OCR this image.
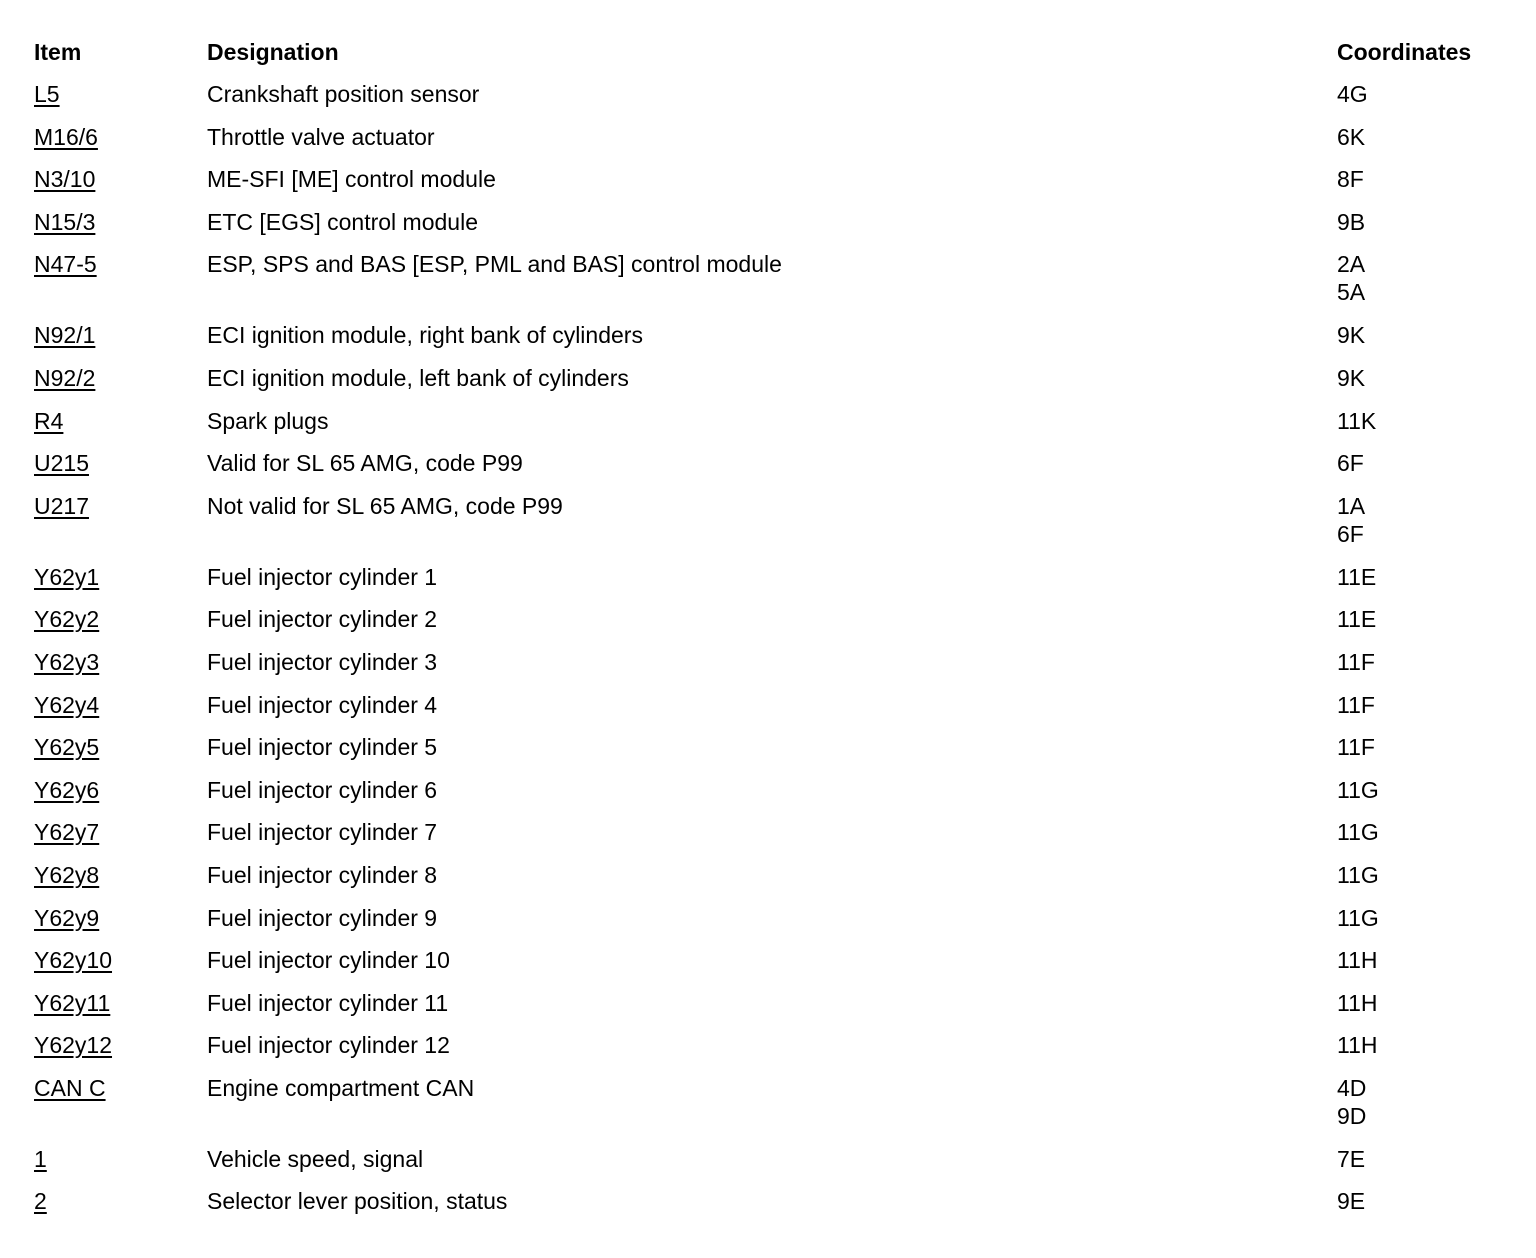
Item	Designation	Coordinates
L5	Crankshaft position sensor	4G
M16/6	Throttle valve actuator	6K
N3/10	ME-SFI [ME] control module	8F
N15/3	ETC [EGS] control module	9B
N47-5	ESP, SPS and BAS [ESP, PML and BAS] control module	2A
5A
N92/1	ECI ignition module, right bank of cylinders	9K
N92/2	ECI ignition module, left bank of cylinders	9K
R4	Spark plugs	11K
U215	Valid for SL 65 AMG, code P99	6F
U217	Not valid for SL 65 AMG, code P99	1A
6F
Y62y1	Fuel injector cylinder 1	11E
Y62y2	Fuel injector cylinder 2	11E
Y62y3	Fuel injector cylinder 3	11F
Y62y4	Fuel injector cylinder 4	11F
Y62y5	Fuel injector cylinder 5	11F
Y62y6	Fuel injector cylinder 6	11G
Y62y7	Fuel injector cylinder 7	11G
Y62y8	Fuel injector cylinder 8	11G
Y62y9	Fuel injector cylinder 9	11G
Y62y10	Fuel injector cylinder 10	11H
Y62y11	Fuel injector cylinder 11	11H
Y62y12	Fuel injector cylinder 12	11H
CAN C	Engine compartment CAN	4D
9D
1	Vehicle speed, signal	7E
2	Selector lever position, status	9E
